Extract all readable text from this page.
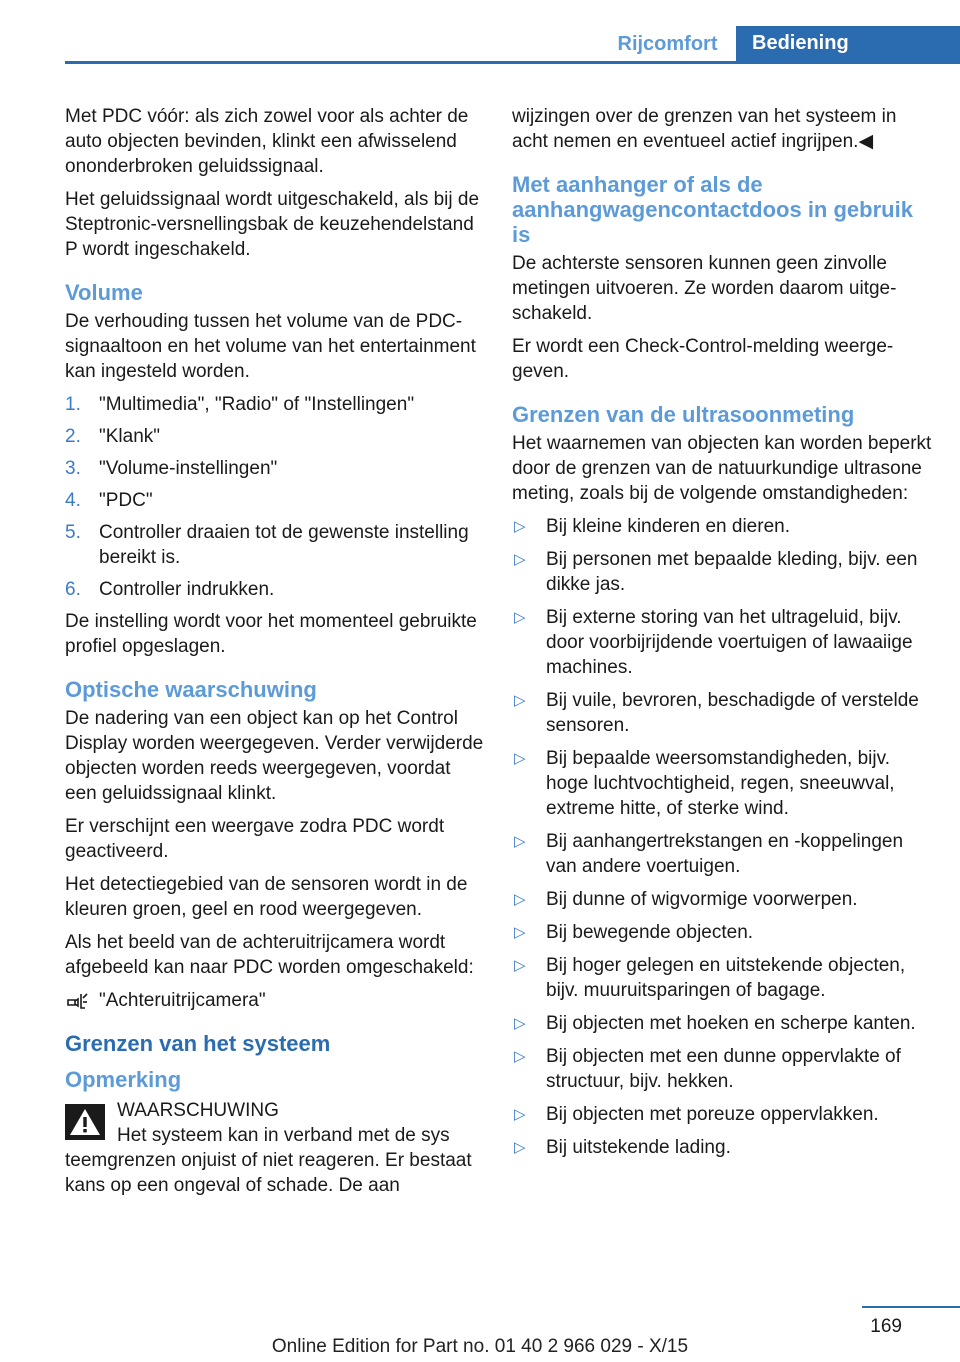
Rijcomfort	Bediening

Met PDC vóór: als zich zowel voor als achter de auto objecten bevinden, klinkt een afwisselend ononderbroken geluidssignaal.

Het geluidssignaal wordt uitgeschakeld, als bij de Steptronic-versnellingsbak de keuzehendelstand P wordt ingeschakeld.

Volume

De verhouding tussen het volume van de PDC-signaaltoon en het volume van het entertainment kan ingesteld worden.

1. "Multimedia", "Radio" of "Instellingen"
2. "Klank"
3. "Volume-instellingen"
4. "PDC"
5. Controller draaien tot de gewenste instelling bereikt is.
6. Controller indrukken.

De instelling wordt voor het momenteel gebruikte profiel opgeslagen.

Optische waarschuwing

De nadering van een object kan op het Control Display worden weergegeven. Verder verwijderde objecten worden reeds weergegeven, voordat een geluidssignaal klinkt.

Er verschijnt een weergave zodra PDC wordt geactiveerd.

Het detectiegebied van de sensoren wordt in de kleuren groen, geel en rood weergegeven.

Als het beeld van de achteruitrijcamera wordt afgebeeld kan naar PDC worden omgeschakeld:

"Achteruitrijcamera"
Grenzen van het systeem
Opmerking
WAARSCHUWING
Het systeem kan in verband met de sys
teemgrenzen onjuist of niet reageren. Er bestaat kans op een ongeval of schade. De aan

wijzingen over de grenzen van het systeem in acht nemen en eventueel actief ingrijpen.◀

Met aanhanger of als de aanhangwagencontactdoos in gebruik is

De achterste sensoren kunnen geen zinvolle metingen uitvoeren. Ze worden daarom uitgeschakeld.

Er wordt een Check-Control-melding weergegeven.

Grenzen van de ultrasoonmeting

Het waarnemen van objecten kan worden beperkt door de grenzen van de natuurkundige ultrasone meting, zoals bij de volgende omstandigheden:

▷ Bij kleine kinderen en dieren.
▷ Bij personen met bepaalde kleding, bijv. een dikke jas.
▷ Bij externe storing van het ultrageluid, bijv. door voorbijrijdende voertuigen of lawaaiige machines.
▷ Bij vuile, bevroren, beschadigde of verstelde sensoren.
▷ Bij bepaalde weersomstandigheden, bijv. hoge luchtvochtigheid, regen, sneeuwval, extreme hitte, of sterke wind.
▷ Bij aanhangertrekstangen en -koppelingen van andere voertuigen.
▷ Bij dunne of wigvormige voorwerpen.
▷ Bij bewegende objecten.
▷ Bij hoger gelegen en uitstekende objecten, bijv. muuruitsparingen of bagage.
▷ Bij objecten met hoeken en scherpe kanten.
▷ Bij objecten met een dunne oppervlakte of structuur, bijv. hekken.
▷ Bij objecten met poreuze oppervlakken.
▷ Bij uitstekende lading.
169
Online Edition for Part no. 01 40 2 966 029 - X/15
